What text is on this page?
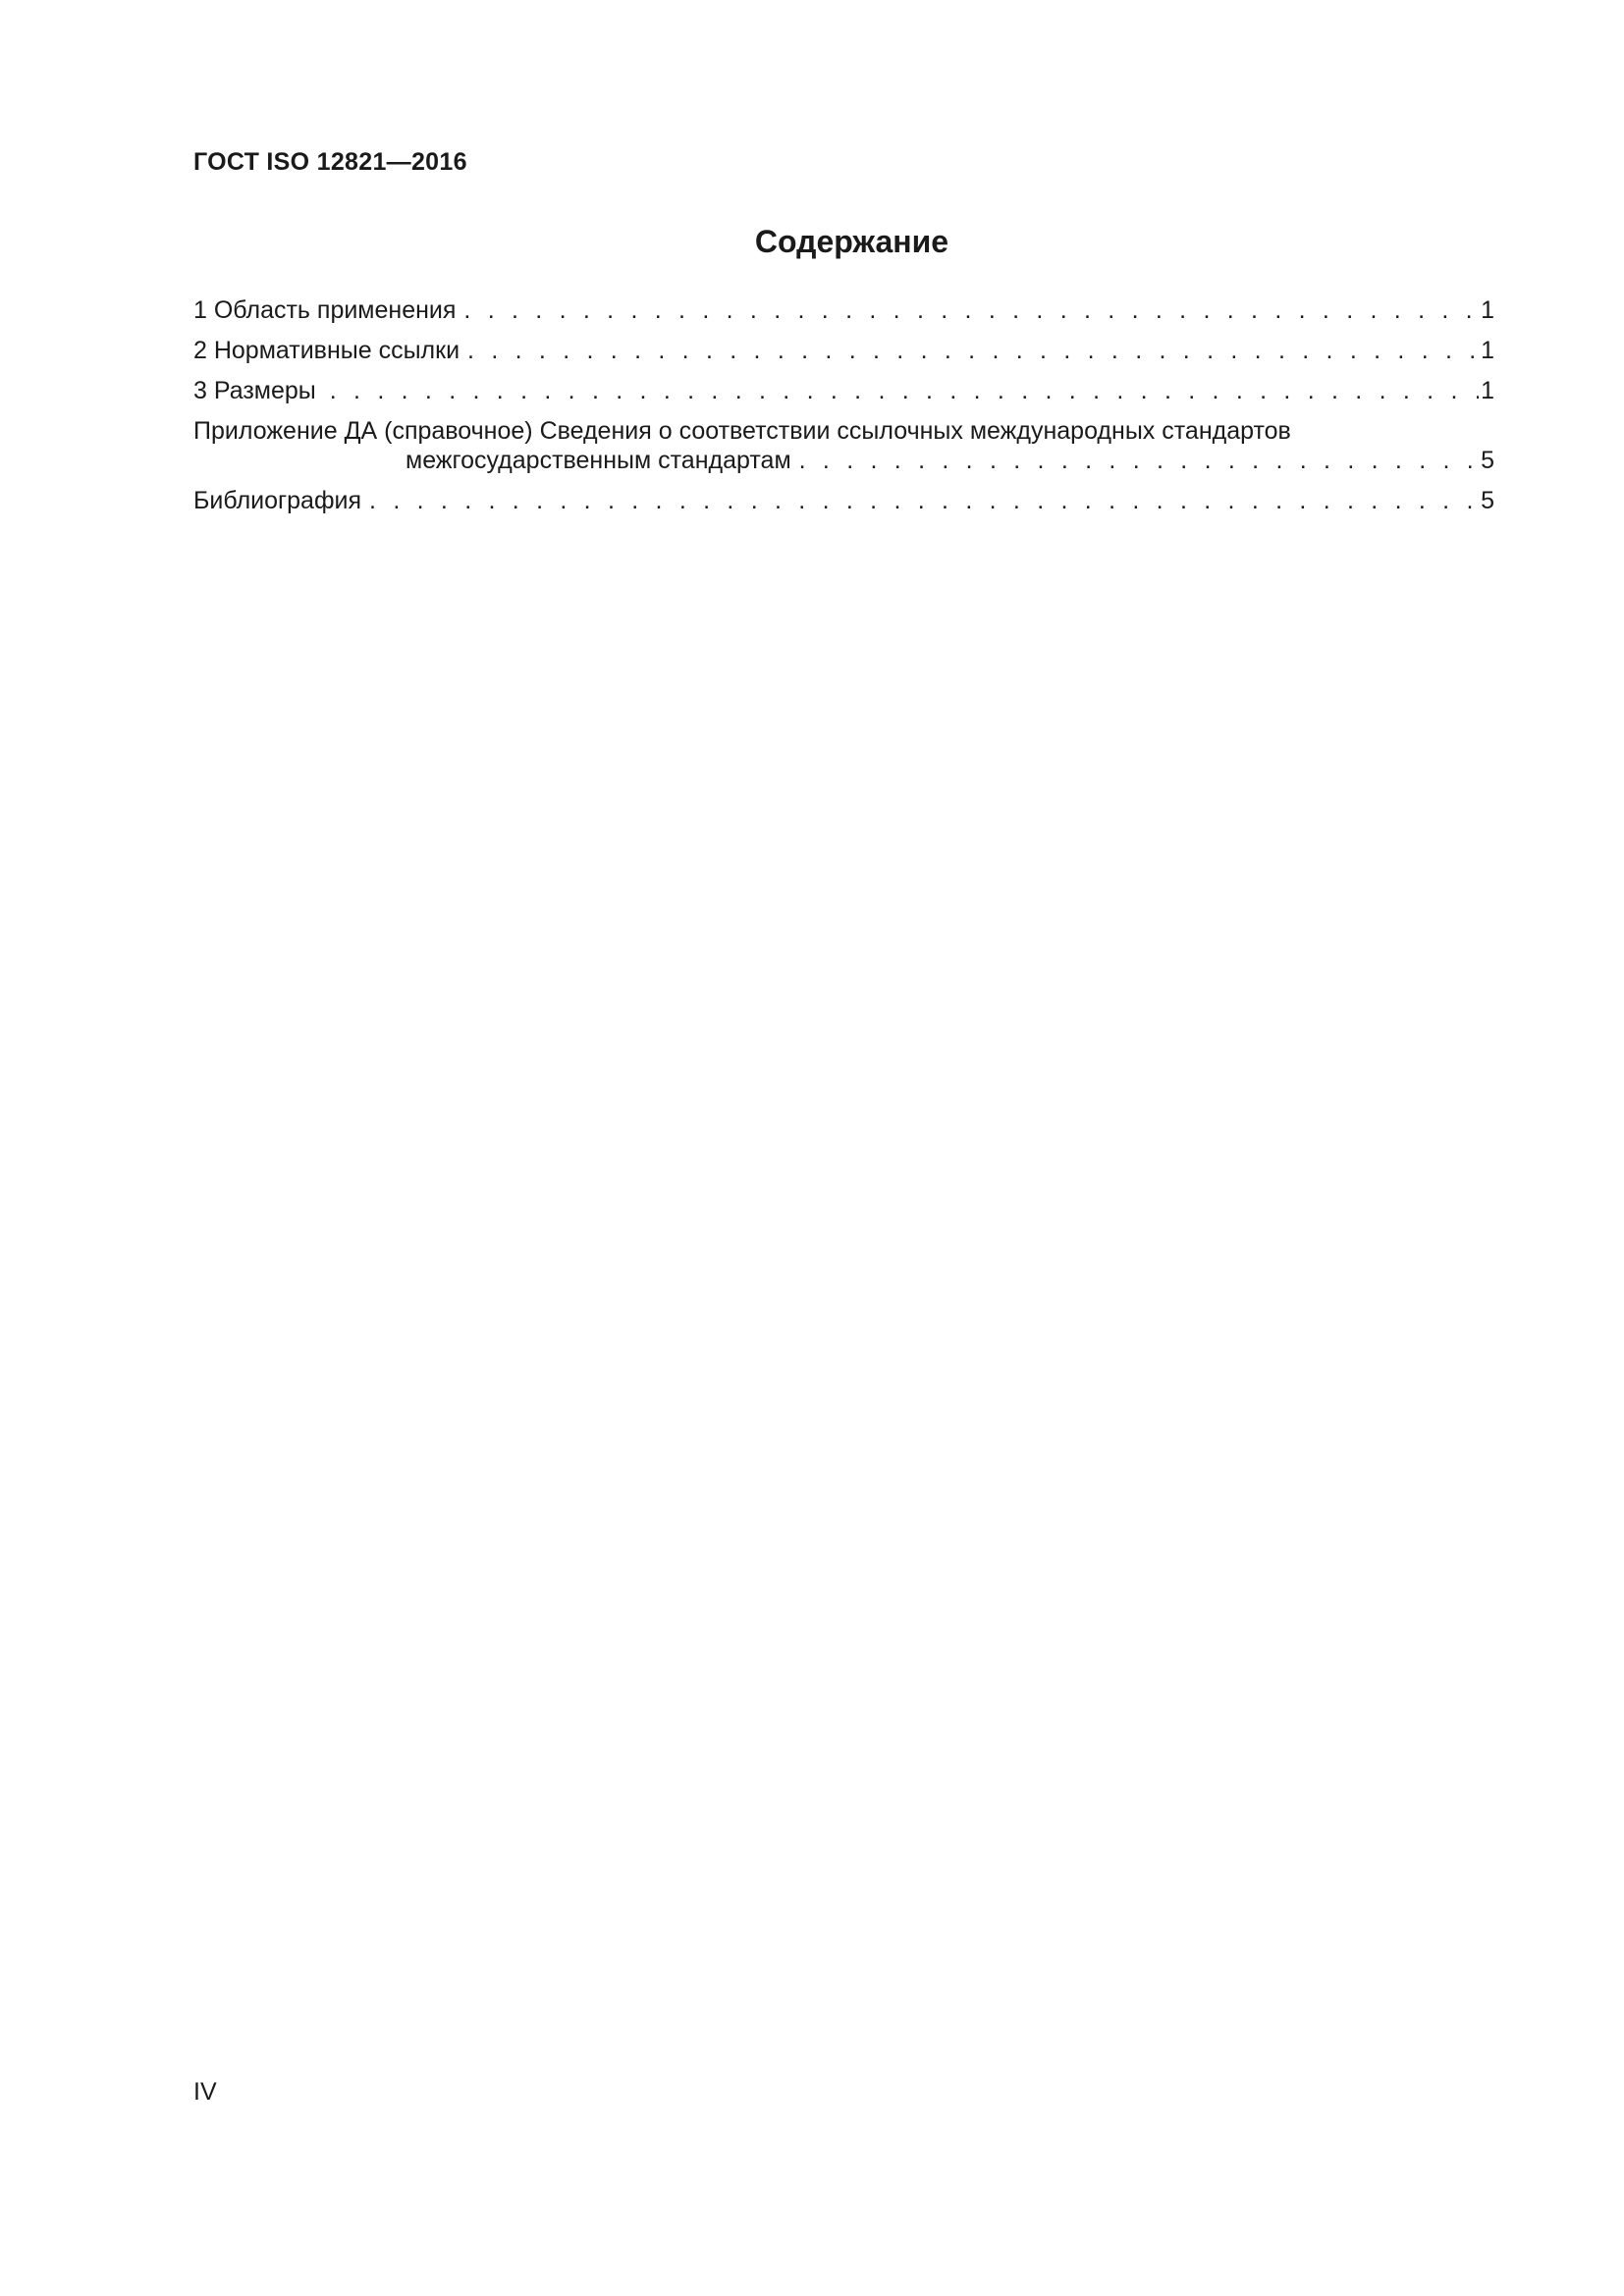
ГОСТ ISO 12821—2016
Содержание
1 Область применения . . .	1
2 Нормативные ссылки . . .	1
3 Размеры . . .	1
Приложение ДА (справочное) Сведения о соответствии ссылочных международных стандартов
межгосударственным стандартам . . .	5
Библиография . . .	5
IV
